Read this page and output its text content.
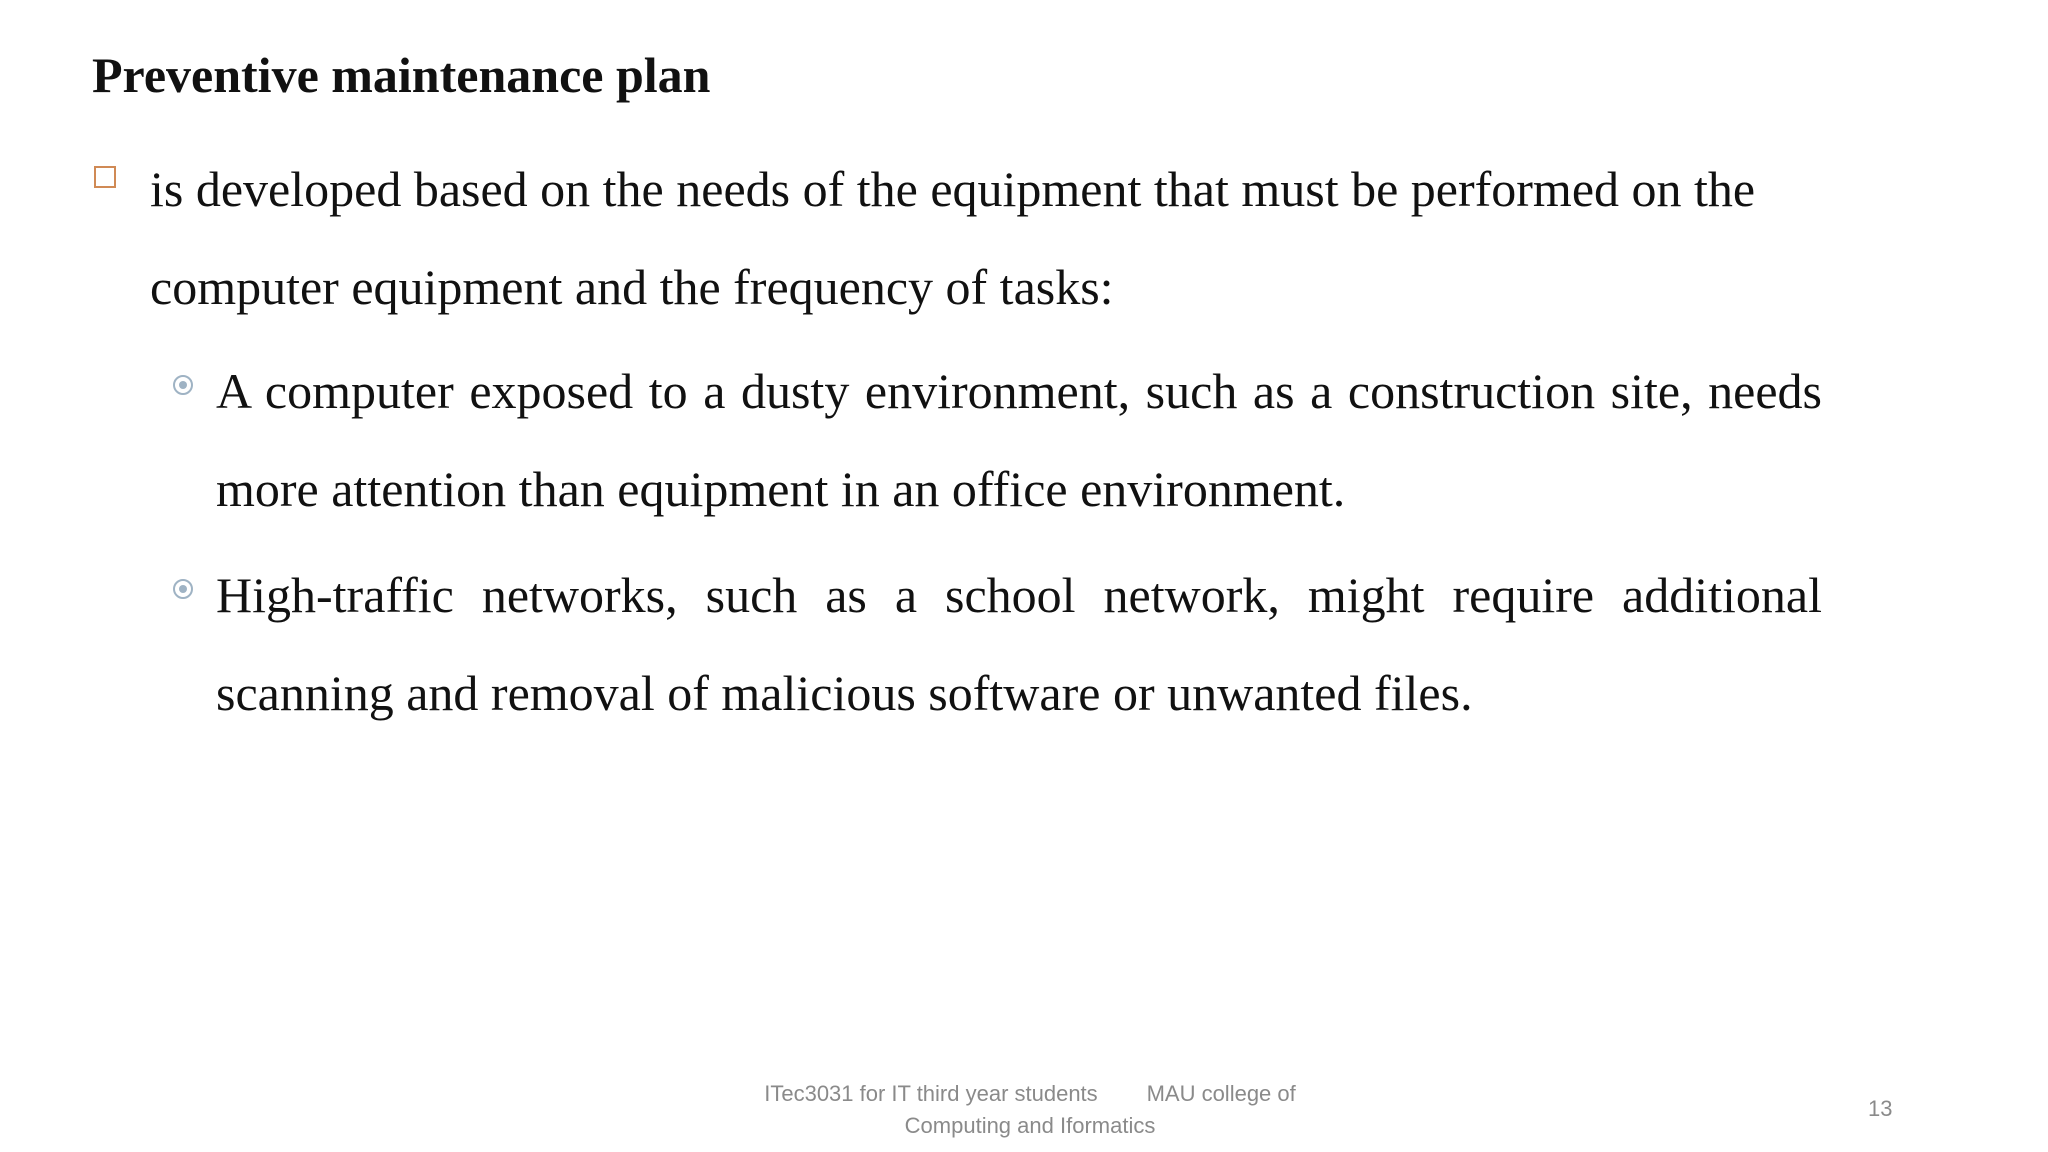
Preventive maintenance plan
is developed based on the needs of the equipment that must be performed on the computer equipment and the frequency of tasks:
A computer exposed to a dusty environment, such as a construction site, needs more attention than equipment in an office environment.
High-traffic networks, such as a school network, might require additional scanning and removal of malicious software or unwanted files.
ITec3031 for IT third year students        MAU college of
Computing and Iformatics
13
